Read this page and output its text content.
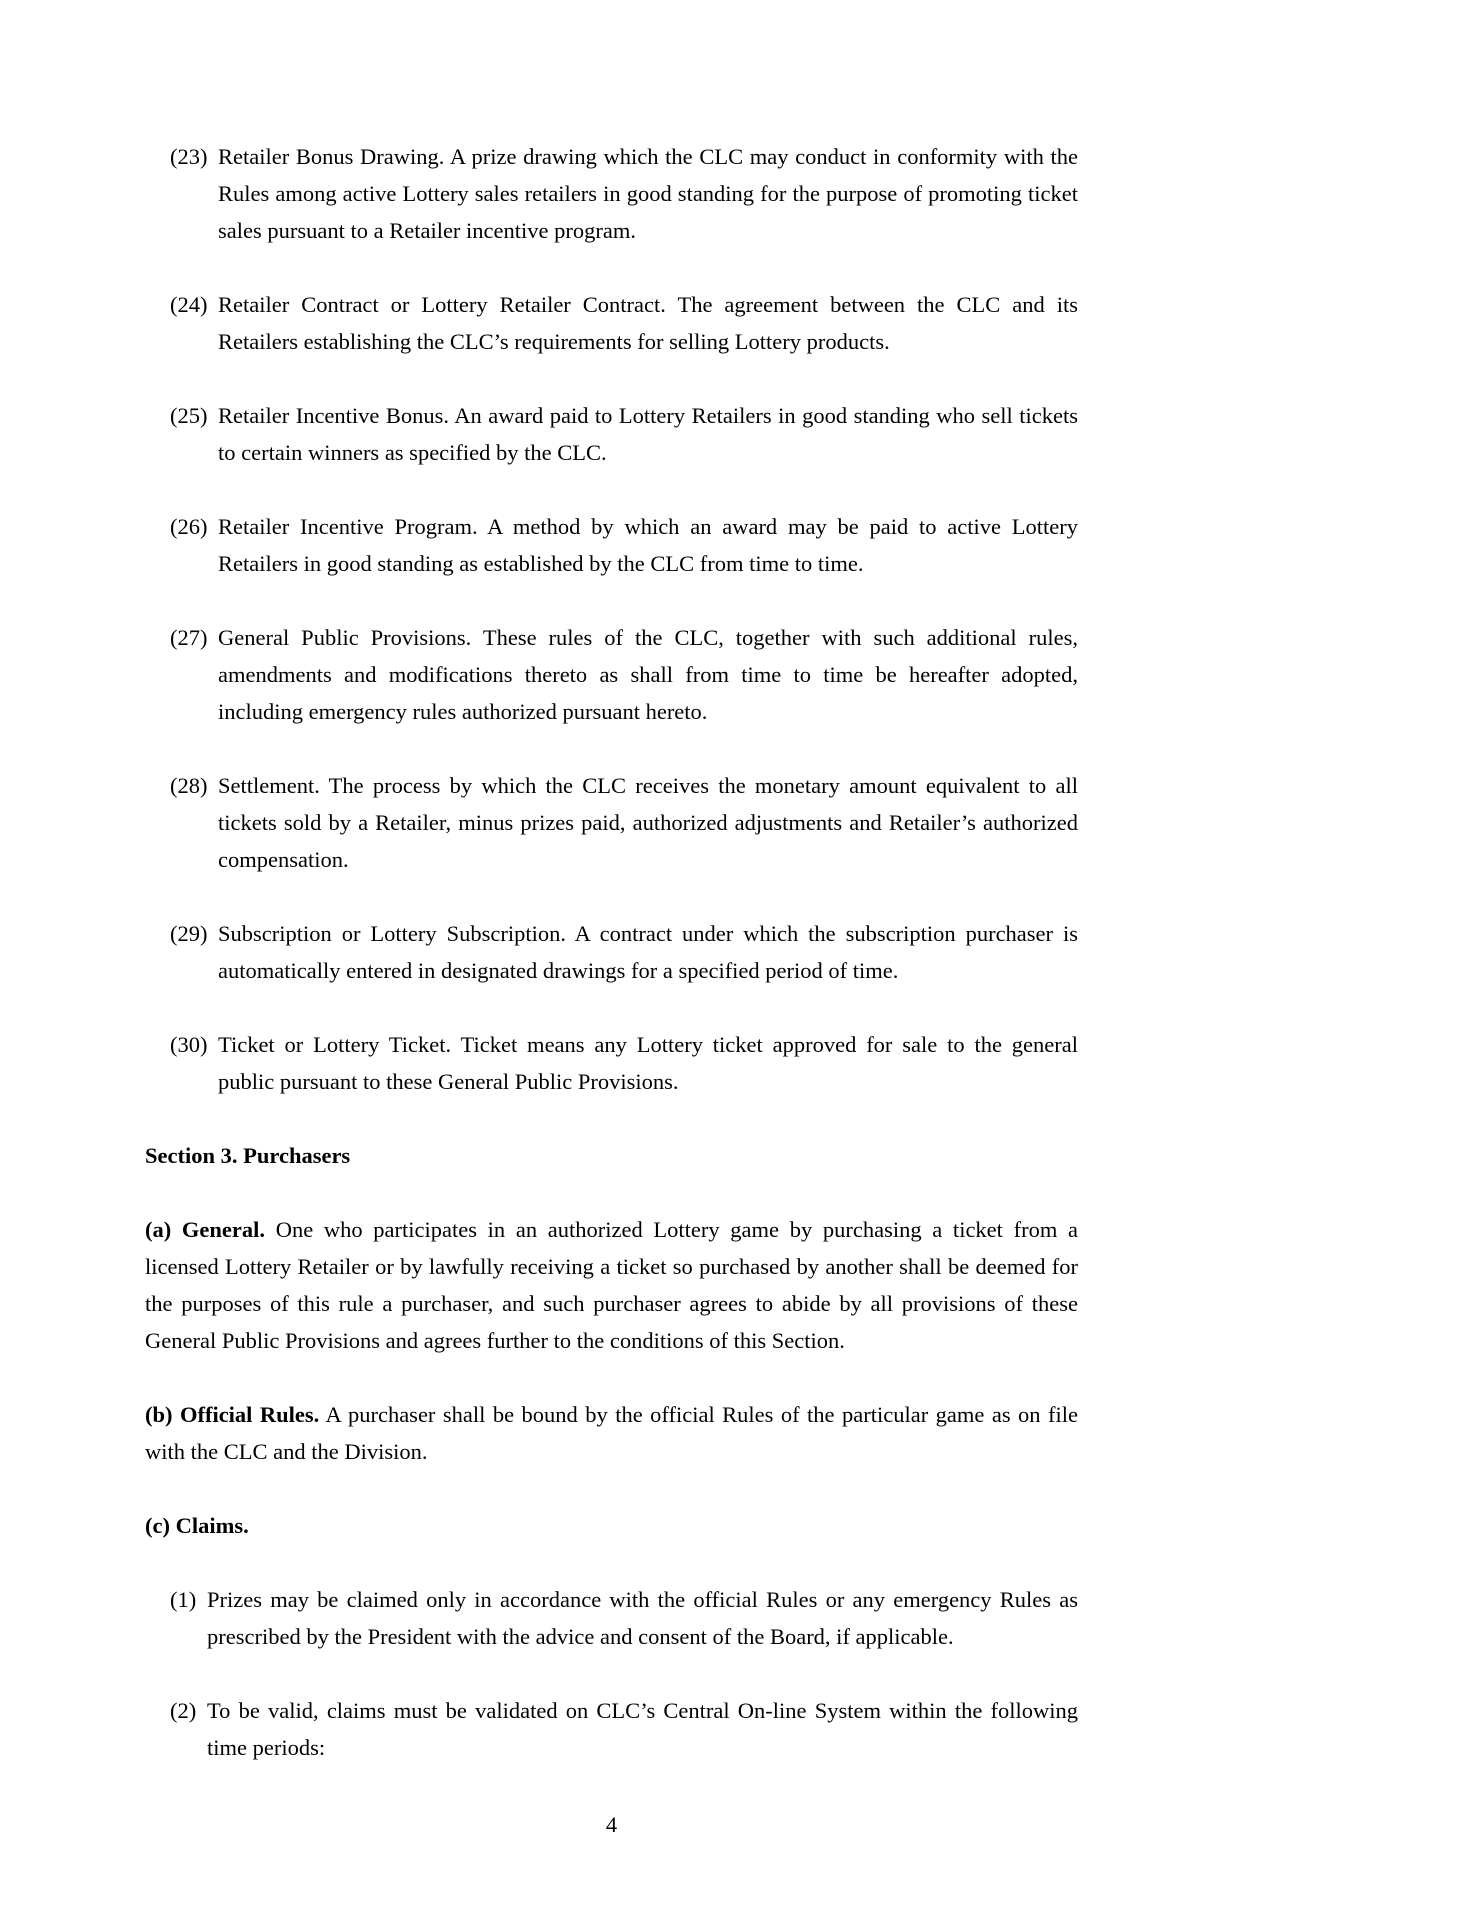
(23) Retailer Bonus Drawing. A prize drawing which the CLC may conduct in conformity with the Rules among active Lottery sales retailers in good standing for the purpose of promoting ticket sales pursuant to a Retailer incentive program.

(24) Retailer Contract or Lottery Retailer Contract. The agreement between the CLC and its Retailers establishing the CLC’s requirements for selling Lottery products.

(25) Retailer Incentive Bonus. An award paid to Lottery Retailers in good standing who sell tickets to certain winners as specified by the CLC.

(26) Retailer Incentive Program. A method by which an award may be paid to active Lottery Retailers in good standing as established by the CLC from time to time.

(27) General Public Provisions. These rules of the CLC, together with such additional rules, amendments and modifications thereto as shall from time to time be hereafter adopted, including emergency rules authorized pursuant hereto.

(28) Settlement. The process by which the CLC receives the monetary amount equivalent to all tickets sold by a Retailer, minus prizes paid, authorized adjustments and Retailer’s authorized compensation.

(29) Subscription or Lottery Subscription. A contract under which the subscription purchaser is automatically entered in designated drawings for a specified period of time.

(30) Ticket or Lottery Ticket. Ticket means any Lottery ticket approved for sale to the general public pursuant to these General Public Provisions.

Section 3. Purchasers

(a) General. One who participates in an authorized Lottery game by purchasing a ticket from a licensed Lottery Retailer or by lawfully receiving a ticket so purchased by another shall be deemed for the purposes of this rule a purchaser, and such purchaser agrees to abide by all provisions of these General Public Provisions and agrees further to the conditions of this Section.

(b) Official Rules. A purchaser shall be bound by the official Rules of the particular game as on file with the CLC and the Division.

(c) Claims.

(1) Prizes may be claimed only in accordance with the official Rules or any emergency Rules as prescribed by the President with the advice and consent of the Board, if applicable.

(2) To be valid, claims must be validated on CLC’s Central On-line System within the following time periods:

4
